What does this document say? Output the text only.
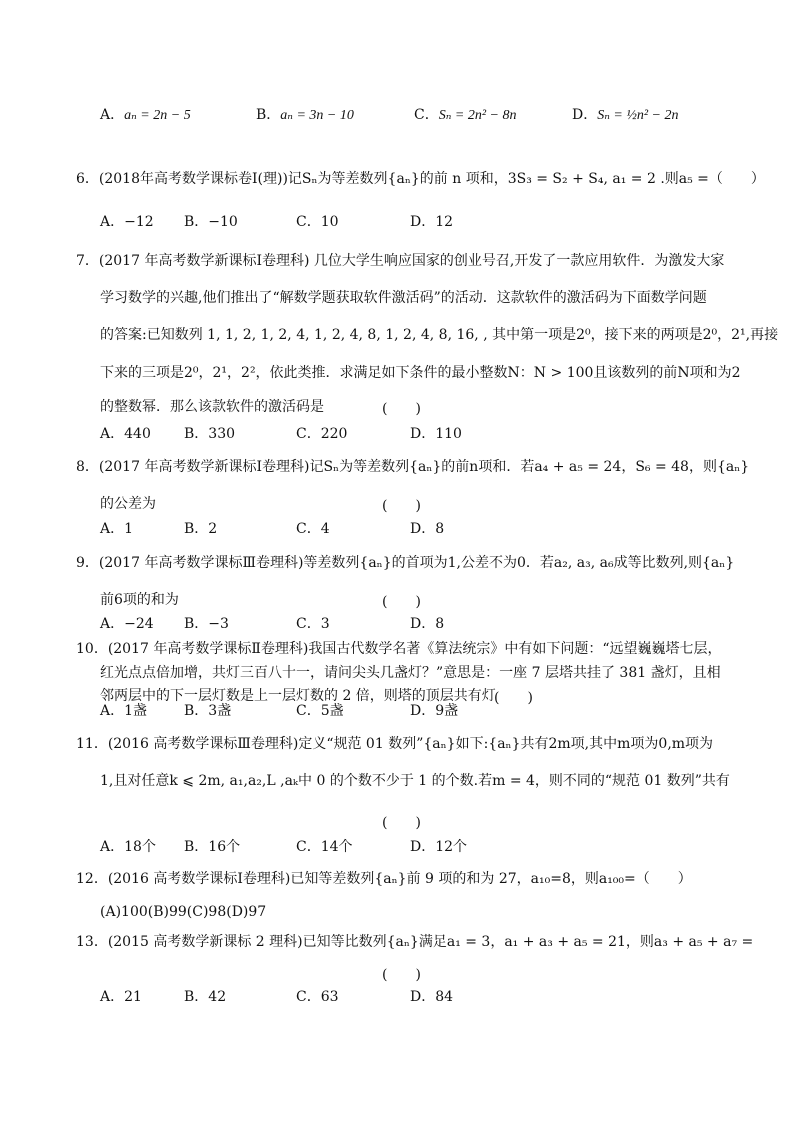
A．aₙ = 2n − 5	B．aₙ = 3n − 10	C．Sₙ = 2n² − 8n	D．Sₙ = ½n² − 2n
6．(2018年高考数学课标卷Ⅰ(理))记Sₙ为等差数列{aₙ}的前 n 项和，3S₃ = S₂ + S₄, a₁ = 2 .则a₅ =（　　）
A．−12 B．−10	C．10	D．12
7．(2017 年高考数学新课标Ⅰ卷理科) 几位大学生响应国家的创业号召,开发了一款应用软件．为激发大家
学习数学的兴趣,他们推出了“解数学题获取软件激活码”的活动．这款软件的激活码为下面数学问题
的答案:已知数列 1, 1, 2, 1, 2, 4, 1, 2, 4, 8, 1, 2, 4, 8, 16, , 其中第一项是2⁰，接下来的两项是2⁰，2¹,再接
下来的三项是2⁰，2¹，2²，依此类推．求满足如下条件的最小整数N：N > 100且该数列的前N项和为2
的整数幂．那么该款软件的激活码是	(　　)
A．440 B．330	C．220	D．110
8．(2017 年高考数学新课标Ⅰ卷理科)记Sₙ为等差数列{aₙ}的前n项和．若a₄ + a₅ = 24，S₆ = 48，则{aₙ}
的公差为	(　　)
A．1	B．2	C．4	D．8
9．(2017 年高考数学课标Ⅲ卷理科)等差数列{aₙ}的首项为1,公差不为0．若a₂, a₃, a₆成等比数列,则{aₙ}
前6项的和为	(　　)
A．−24 B．−3	C．3	D．8
10．(2017 年高考数学课标Ⅱ卷理科)我国古代数学名著《算法统宗》中有如下问题：“远望巍巍塔七层，
红光点点倍加增，共灯三百八十一，请问尖头几盏灯？”意思是：一座 7 层塔共挂了 381 盏灯，且相
邻两层中的下一层灯数是上一层灯数的 2 倍，则塔的顶层共有灯
(　　)
A．1盏	B．3盏	C．5盏	D．9盏
11．(2016 高考数学课标Ⅲ卷理科)定义“规范 01 数列”{aₙ}如下:{aₙ}共有2m项,其中m项为0,m项为
1,且对任意k ⩽ 2m, a₁,a₂,L ,aₖ中 0 的个数不少于 1 的个数.若m = 4，则不同的“规范 01 数列”共有
(　　)
A．18个 B．16个	C．14个	D．12个
12．(2016 高考数学课标Ⅰ卷理科)已知等差数列{aₙ}前 9 项的和为 27，a₁₀=8，则a₁₀₀=（　　）
(A)100(B)99(C)98(D)97
13．(2015 高考数学新课标 2 理科)已知等比数列{aₙ}满足a₁ = 3，a₁ + a₃ + a₅ = 21，则a₃ + a₅ + a₇ =
(　　)
A．21	B．42	C．63	D．84
